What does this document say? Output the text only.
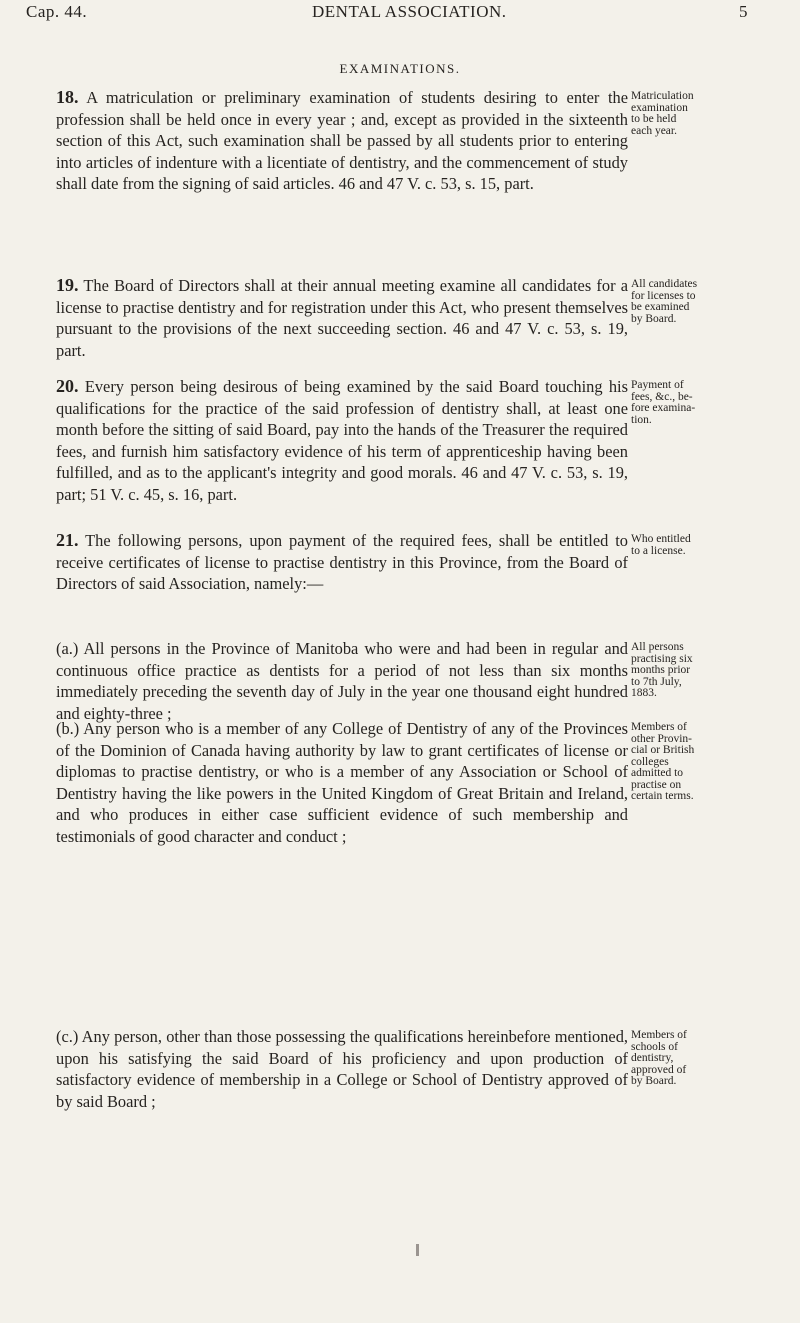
Cap. 44.	DENTAL ASSOCIATION.	5
EXAMINATIONS.
18. A matriculation or preliminary examination of students desiring to enter the profession shall be held once in every year ; and, except as provided in the sixteenth section of this Act, such examination shall be passed by all students prior to entering into articles of indenture with a licentiate of dentistry, and the commencement of study shall date from the signing of said articles. 46 and 47 V. c. 53, s. 15, part.
Matriculation
examination
to be held
each year.
19. The Board of Directors shall at their annual meeting examine all candidates for a license to practise dentistry and for registration under this Act, who present themselves pursuant to the provisions of the next succeeding section. 46 and 47 V. c. 53, s. 19, part.
All candidates
for licenses to
be examined
by Board.
20. Every person being desirous of being examined by the said Board touching his qualifications for the practice of the said profession of dentistry shall, at least one month before the sitting of said Board, pay into the hands of the Treasurer the required fees, and furnish him satisfactory evidence of his term of apprenticeship having been fulfilled, and as to the applicant's integrity and good morals. 46 and 47 V. c. 53, s. 19, part; 51 V. c. 45, s. 16, part.
Payment of
fees, &c., be-
fore examina-
tion.
21. The following persons, upon payment of the required fees, shall be entitled to receive certificates of license to practise dentistry in this Province, from the Board of Directors of said Association, namely:—
Who entitled
to a license.
(a.) All persons in the Province of Manitoba who were and had been in regular and continuous office practice as dentists for a period of not less than six months immediately preceding the seventh day of July in the year one thousand eight hundred and eighty-three ;
All persons
practising six
months prior
to 7th July,
1883.
(b.) Any person who is a member of any College of Dentistry of any of the Provinces of the Dominion of Canada having authority by law to grant certificates of license or diplomas to practise dentistry, or who is a member of any Association or School of Dentistry having the like powers in the United Kingdom of Great Britain and Ireland, and who produces in either case sufficient evidence of such membership and testimonials of good character and conduct ;
Members of
other Provin-
cial or British
colleges
admitted to
practise on
certain terms.
(c.) Any person, other than those possessing the qualifications hereinbefore mentioned, upon his satisfying the said Board of his proficiency and upon production of satisfactory evidence of membership in a College or School of Dentistry approved of by said Board ;
Members of
schools of
dentistry,
approved of
by Board.
